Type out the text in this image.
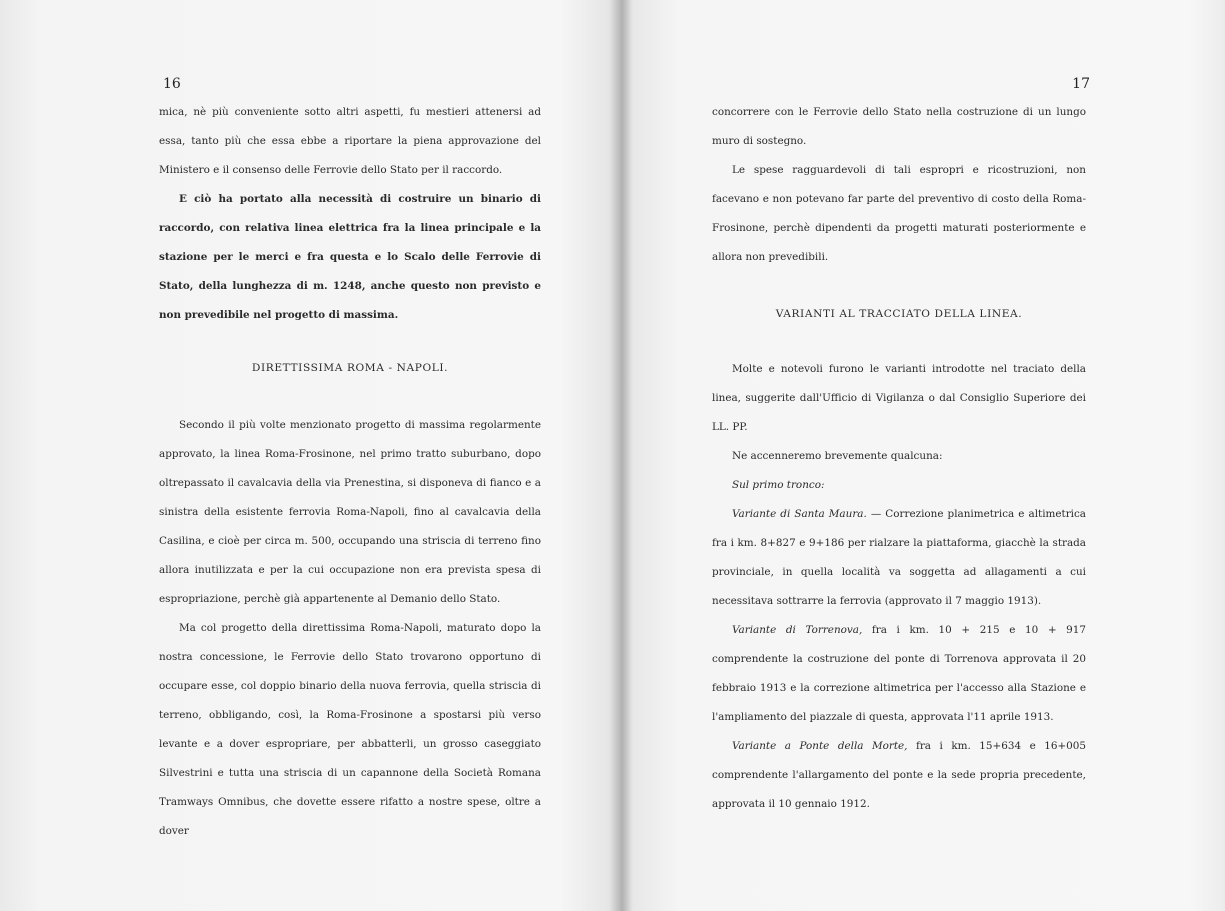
16

mica, nè più conveniente sotto altri aspetti, fu mestieri attenersi ad essa, tanto più che essa ebbe a riportare la piena approvazione del Ministero e il consenso delle Ferrovie dello Stato per il raccordo.

E ciò ha portato alla necessità di costruire un binario di raccordo, con relativa linea elettrica fra la linea principale e la stazione per le merci e fra questa e lo Scalo delle Ferrovie di Stato, della lunghezza di m. 1248, anche questo non previsto e non prevedibile nel progetto di massima.

DIRETTISSIMA ROMA - NAPOLI.

Secondo il più volte menzionato progetto di massima regolarmente approvato, la linea Roma-Frosinone, nel primo tratto suburbano, dopo oltrepassato il cavalcavia della via Prenestina, si disponeva di fianco e a sinistra della esistente ferrovia Roma-Napoli, fino al cavalcavia della Casilina, e cioè per circa m. 500, occupando una striscia di terreno fino allora inutilizzata e per la cui occupazione non era prevista spesa di espropriazione, perchè già appartenente al Demanio dello Stato.

Ma col progetto della direttissima Roma-Napoli, maturato dopo la nostra concessione, le Ferrovie dello Stato trovarono opportuno di occupare esse, col doppio binario della nuova ferrovia, quella striscia di terreno, obbligando, così, la Roma-Frosinone a spostarsi più verso levante e a dover espropriare, per abbatterli, un grosso caseggiato Silvestrini e tutta una striscia di un capannone della Società Romana Tramways Omnibus, che dovette essere rifatto a nostre spese, oltre a dover

17

concorrere con le Ferrovie dello Stato nella costruzione di un lungo muro di sostegno.

Le spese ragguardevoli di tali espropri e ricostruzioni, non facevano e non potevano far parte del preventivo di costo della Roma-Frosinone, perchè dipendenti da progetti maturati posteriormente e allora non prevedibili.

VARIANTI AL TRACCIATO DELLA LINEA.

Molte e notevoli furono le varianti introdotte nel traciato della linea, suggerite dall'Ufficio di Vigilanza o dal Consiglio Superiore dei LL. PP.

Ne accenneremo brevemente qualcuna:

Sul primo tronco:

Variante di Santa Maura. — Correzione planimetrica e altimetrica fra i km. 8+827 e 9+186 per rialzare la piattaforma, giacchè la strada provinciale, in quella località va soggetta ad allagamenti a cui necessitava sottrarre la ferrovia (approvato il 7 maggio 1913).

Variante di Torrenova, fra i km. 10 + 215 e 10 + 917 comprendente la costruzione del ponte di Torrenova approvata il 20 febbraio 1913 e la correzione altimetrica per l'accesso alla Stazione e l'ampliamento del piazzale di questa, approvata l'11 aprile 1913.

Variante a Ponte della Morte, fra i km. 15+634 e 16+005 comprendente l'allargamento del ponte e la sede propria precedente, approvata il 10 gennaio 1912.
